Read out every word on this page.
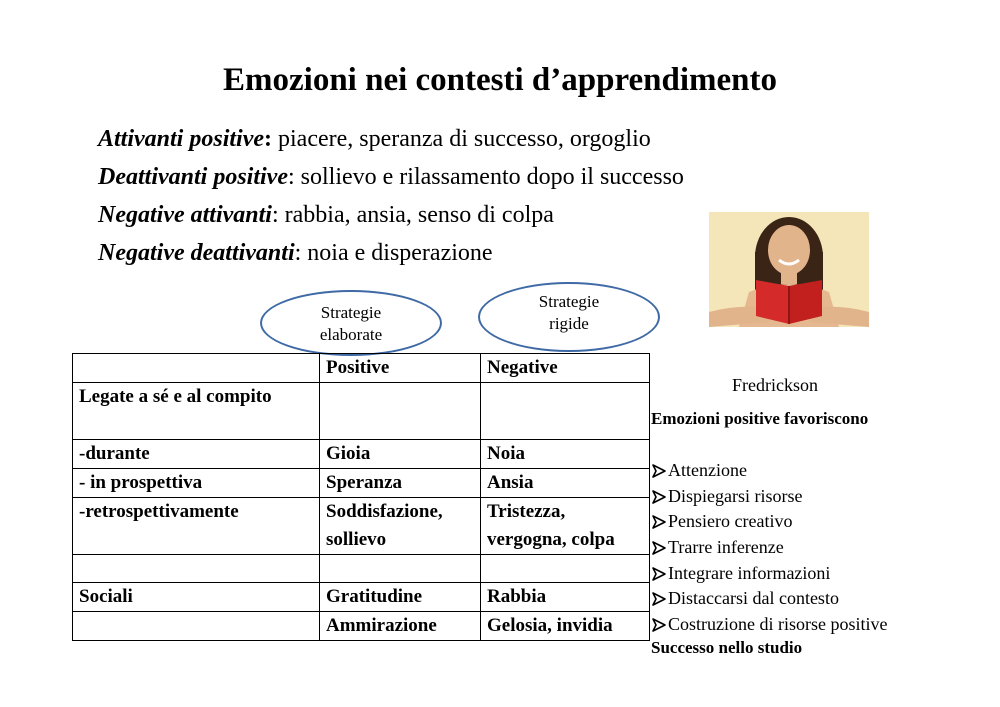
Emozioni nei contesti d’apprendimento
Attivanti positive: piacere, speranza di successo, orgoglio
Deattivanti positive: sollievo e rilassamento dopo il successo
Negative attivanti: rabbia, ansia, senso di colpa
Negative deattivanti: noia e disperazione
Strategie
elaborate
Strategie
rigide
	Positive	Negative
Legate a sé e al compito		
-durante	Gioia	Noia
- in prospettiva	Speranza	Ansia
-retrospettivamente	Soddisfazione, sollievo	Tristezza, vergogna, colpa

Sociali	Gratitudine	Rabbia
	Ammirazione	Gelosia, invidia
Fredrickson
Emozioni positive favoriscono
Attenzione
Dispiegarsi risorse
Pensiero creativo
Trarre inferenze
Integrare informazioni
Distaccarsi dal contesto
Costruzione di risorse positive
Successo nello studio
